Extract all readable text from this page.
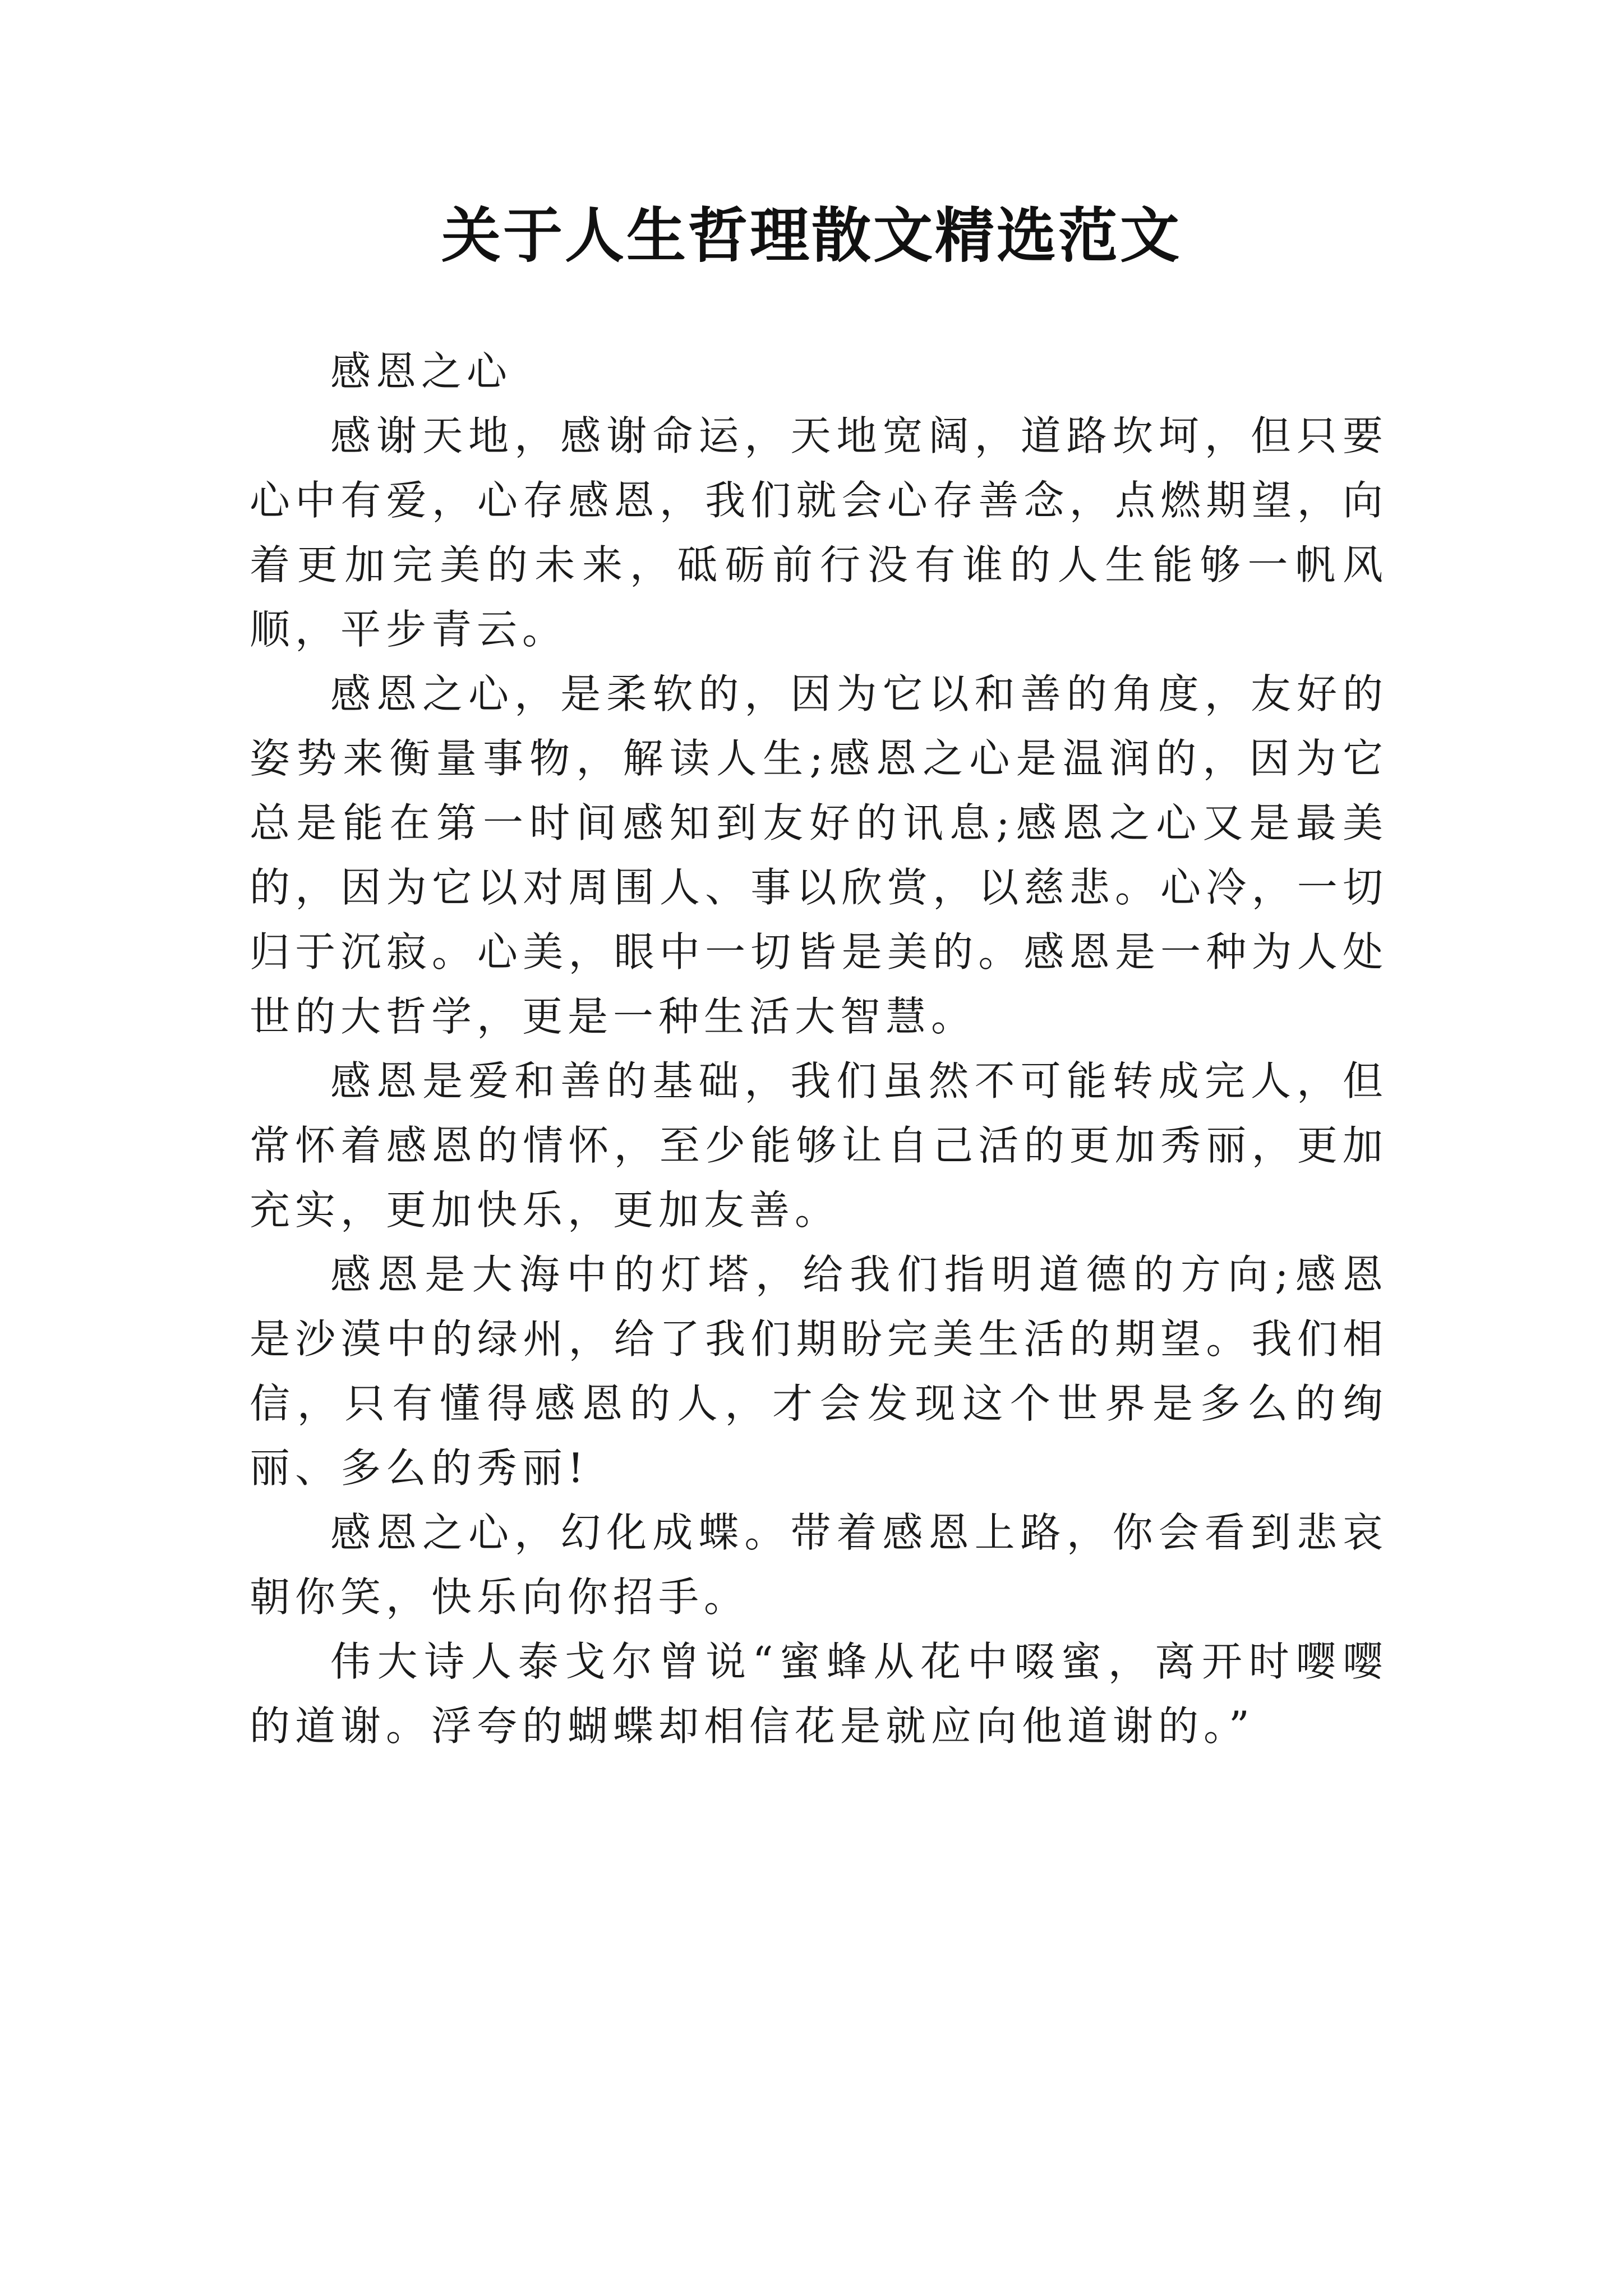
关于人生哲理散文精选范文

感恩之心

感谢天地，感谢命运，天地宽阔，道路坎坷，但只要心中有爱，心存感恩，我们就会心存善念，点燃期望，向着更加完美的未来，砥砺前行没有谁的人生能够一帆风顺，平步青云。

感恩之心，是柔软的，因为它以和善的角度，友好的姿势来衡量事物，解读人生;感恩之心是温润的，因为它总是能在第一时间感知到友好的讯息;感恩之心又是最美的，因为它以对周围人、事以欣赏，以慈悲。心冷，一切归于沉寂。心美，眼中一切皆是美的。感恩是一种为人处世的大哲学，更是一种生活大智慧。

感恩是爱和善的基础，我们虽然不可能转成完人，但常怀着感恩的情怀，至少能够让自己活的更加秀丽，更加充实，更加快乐，更加友善。

感恩是大海中的灯塔，给我们指明道德的方向;感恩是沙漠中的绿州，给了我们期盼完美生活的期望。我们相信，只有懂得感恩的人，才会发现这个世界是多么的绚丽、多么的秀丽!

感恩之心，幻化成蝶。带着感恩上路，你会看到悲哀朝你笑，快乐向你招手。

伟大诗人泰戈尔曾说“蜜蜂从花中啜蜜，离开时嘤嘤的道谢。浮夸的蝴蝶却相信花是就应向他道谢的。”
